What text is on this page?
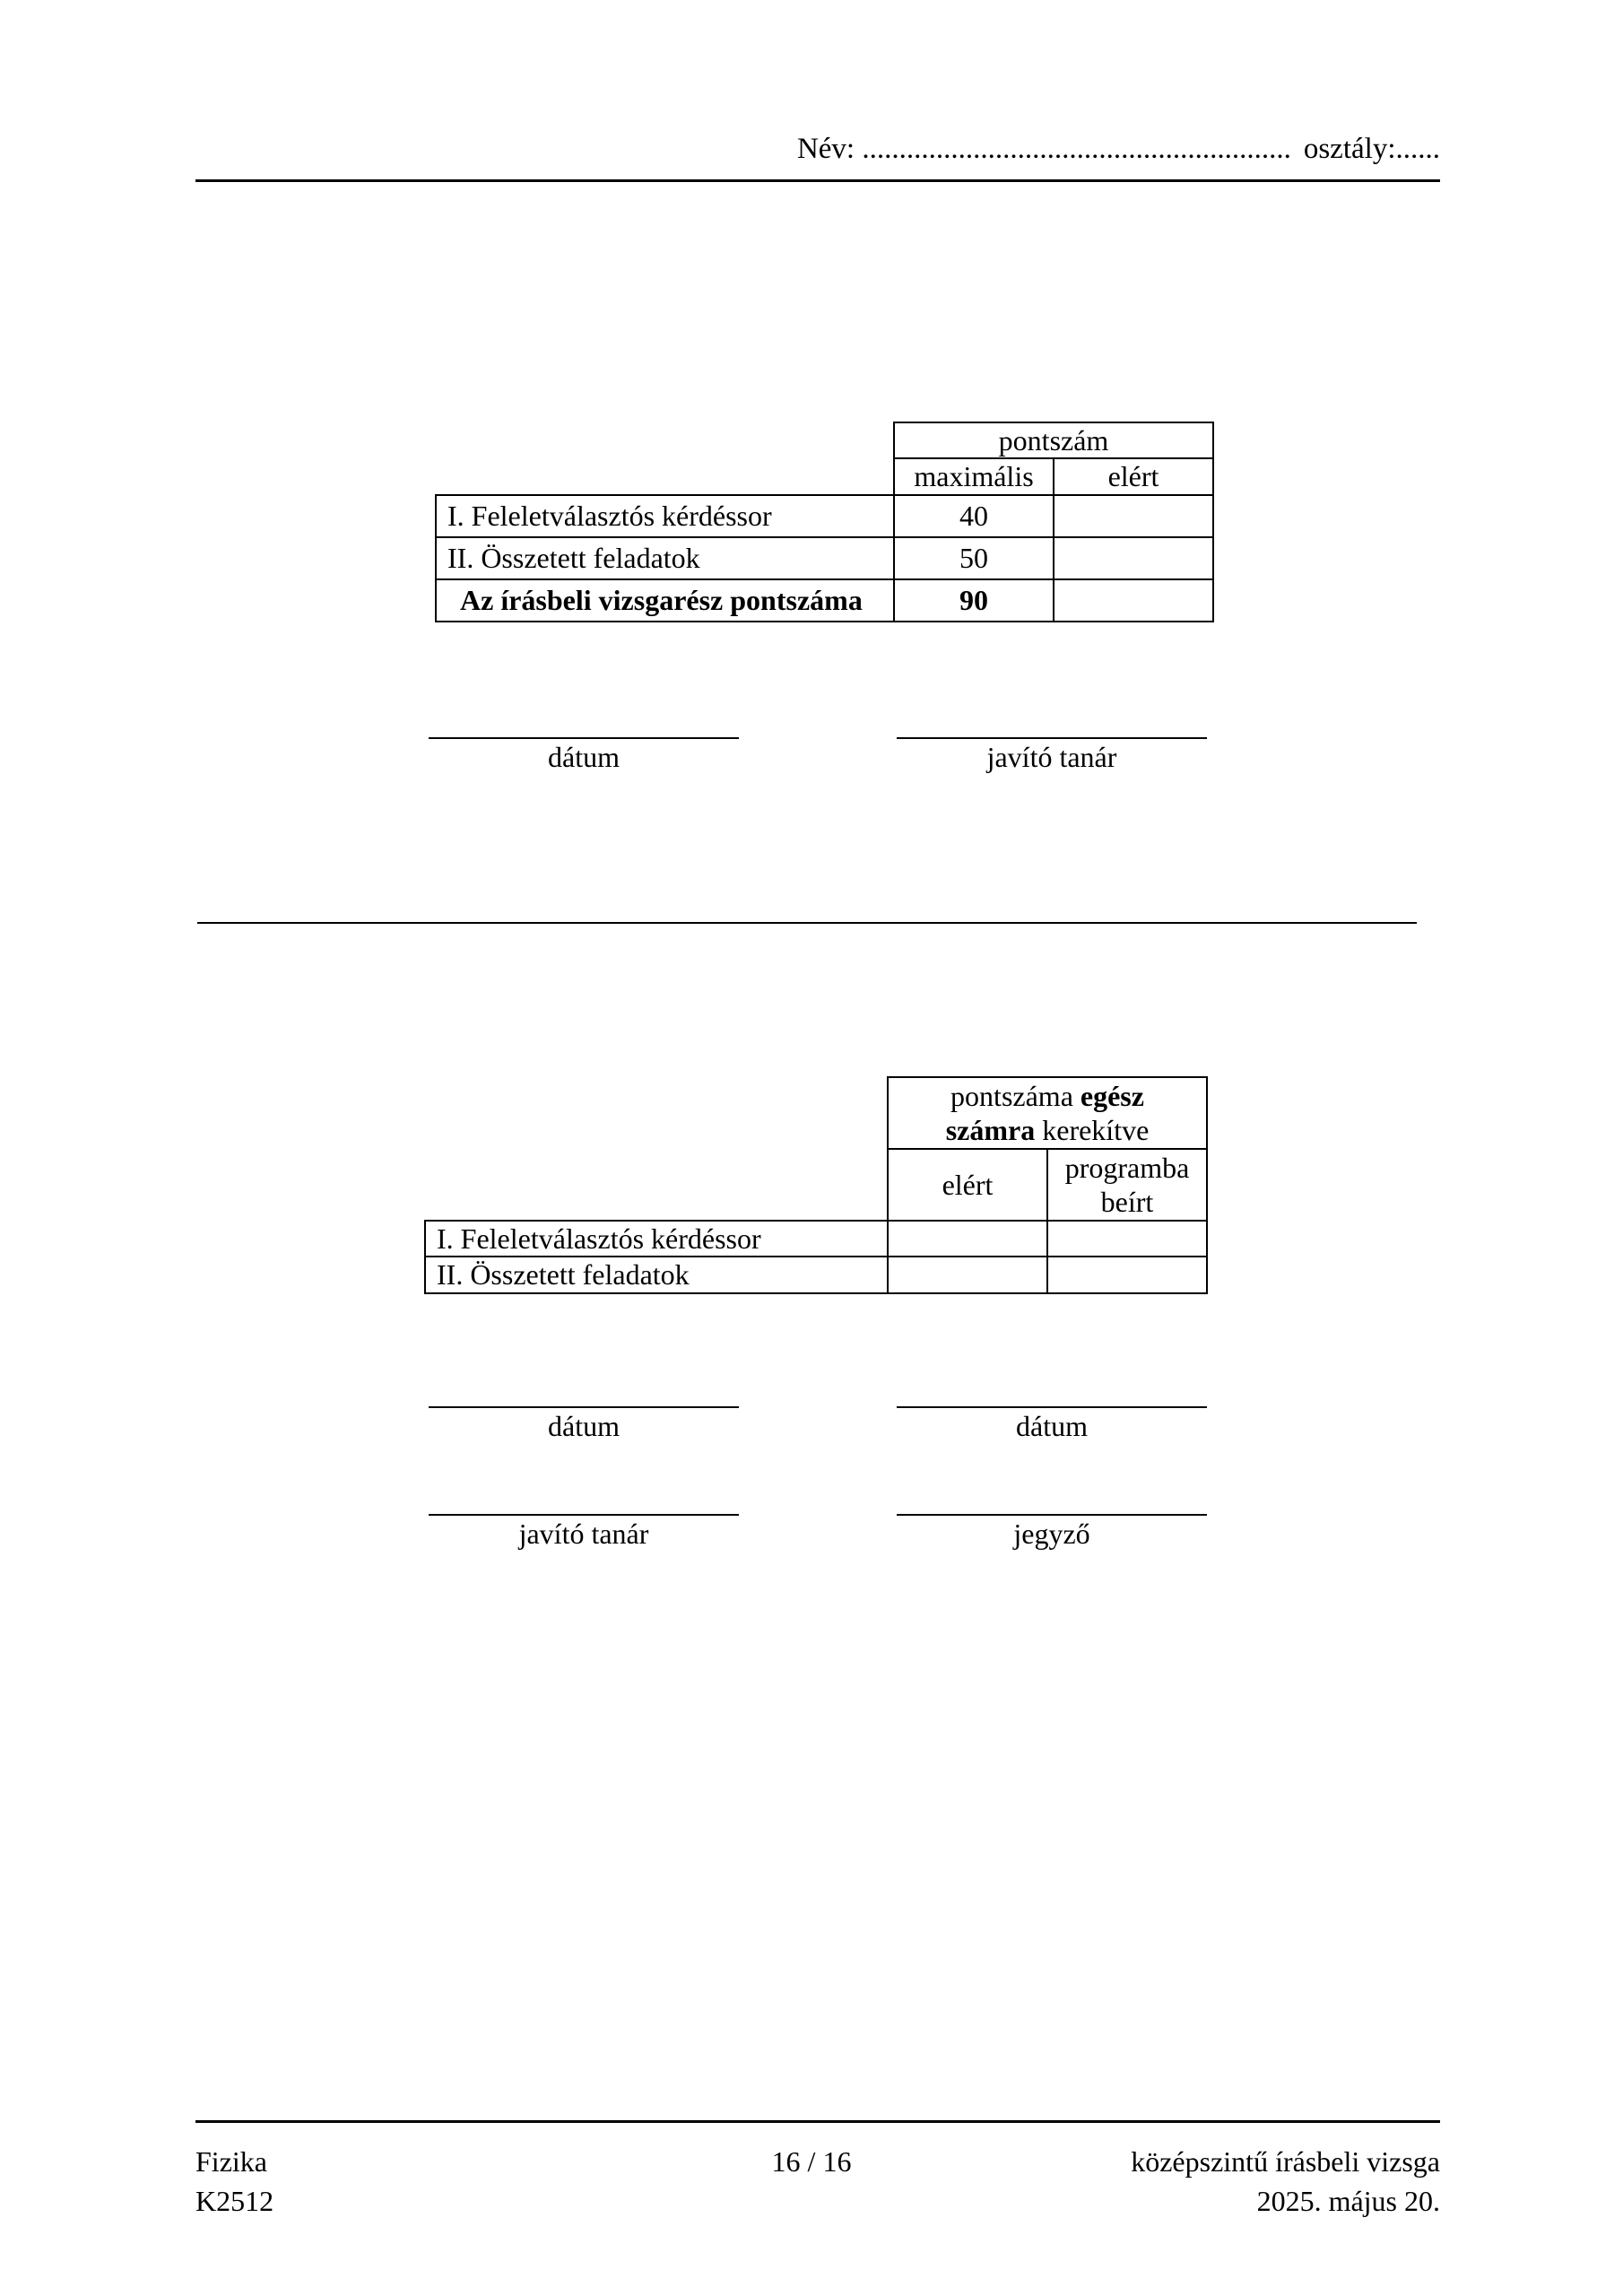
Név: .......................................................... osztály:......
	pontszám	
	maximális	elért
I. Feleletválasztós kérdéssor	40	
II. Összetett feladatok	50	
Az írásbeli vizsgarész pontszáma	90	
dátum	javító tanár
	pontszáma egész
számra kerekítve	
	elért	programba
beírt
I. Feleletválasztós kérdéssor		
II. Összetett feladatok		
dátum	dátum
javító tanár	jegyző
Fizika
K2512
16 / 16	középszintű írásbeli vizsga
2025. május 20.
